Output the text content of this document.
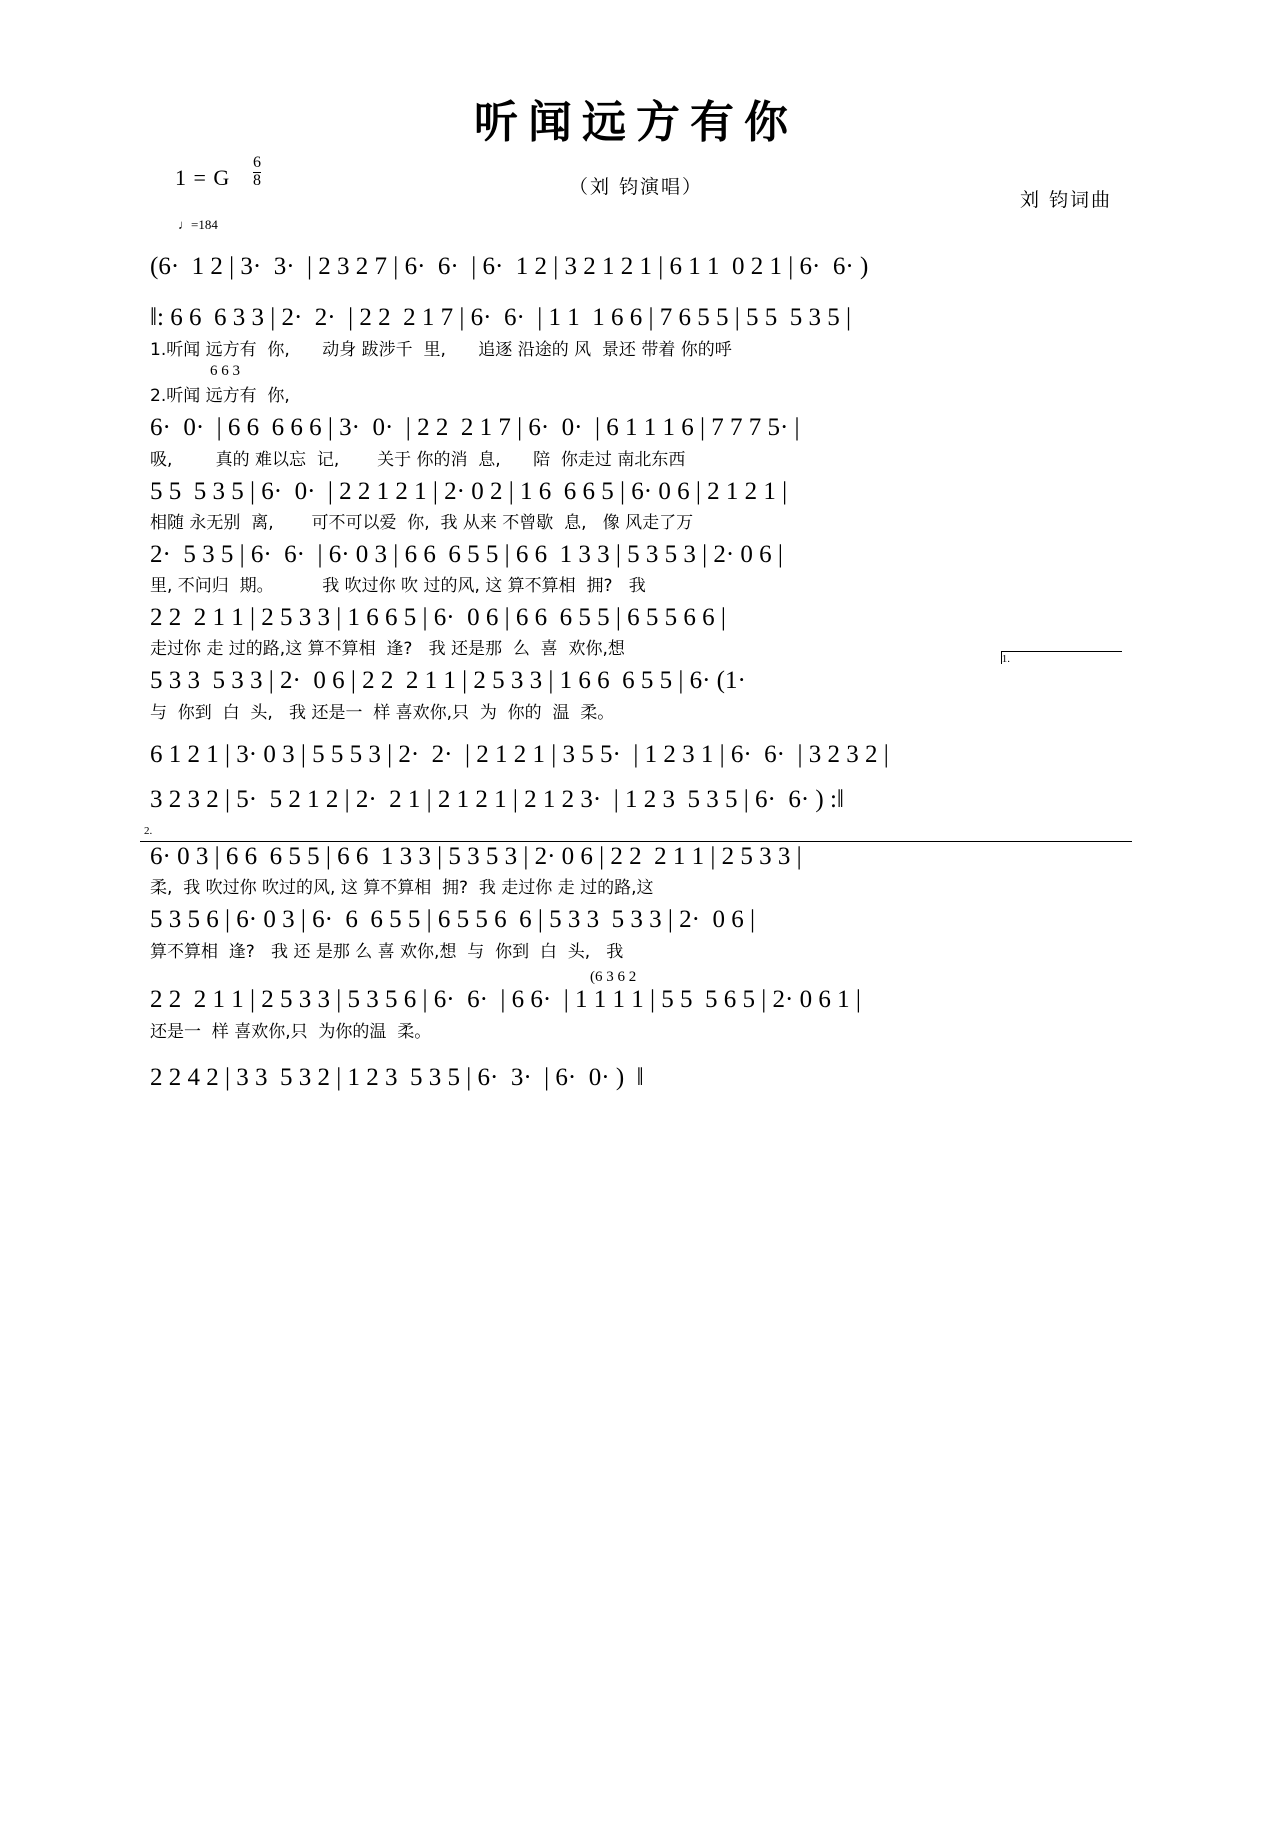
听闻远方有你
（刘 钧演唱）
1 = G $\frac{6}{8}$
刘 钧词曲
♩=184
(6·  1 2 | 3·  3·  | 2 3 2 7 | 6·  6·  | 6·  1 2 | 3 2 1 2 1 | 6 1 1  0 2 1 | 6·  6· )
‖: 6 6  6 3 3 | 2·  2·  | 2 2  2 1 7 | 6·  6·  | 1 1  1 6 6 | 7 6 5 5 | 5 5  5 3 5 |
1.听闻 远方有  你,      动身 跋涉千  里,      追逐 沿途的 风  景还 带着 你的呼
6 6 3
2.听闻 远方有  你,
6·  0·  | 6 6  6 6 6 | 3·  0·  | 2 2  2 1 7 | 6·  0·  | 6 1 1 1 6 | 7 7 7 5· |
吸,        真的 难以忘  记,       关于 你的消  息,      陪  你走过 南北东西
5 5  5 3 5 | 6·  0·  | 2 2 1 2 1 | 2· 0 2 | 1 6  6 6 5 | 6· 0 6 | 2 1 2 1 |
相随 永无别  离,       可不可以爱  你,  我 从来 不曾歇  息,   像 风走了万
2·  5 3 5 | 6·  6·  | 6· 0 3 | 6 6  6 5 5 | 6 6  1 3 3 | 5 3 5 3 | 2· 0 6 |
里, 不问归  期。         我 吹过你 吹 过的风, 这 算不算相  拥?   我
2 2  2 1 1 | 2 5 3 3 | 1 6 6 5 | 6·  0 6 | 6 6  6 5 5 | 6 5 5 6 6 |
走过你 走 过的路,这 算不算相  逢?   我 还是那  么  喜  欢你,想	1.
5 3 3  5 3 3 | 2·  0 6 | 2 2  2 1 1 | 2 5 3 3 | 1 6 6  6 5 5 | 6· (1·
与  你到  白  头,   我 还是一  样 喜欢你,只  为  你的  温  柔。
6 1 2 1 | 3· 0 3 | 5 5 5 3 | 2·  2·  | 2 1 2 1 | 3 5 5·  | 1 2 3 1 | 6·  6·  | 3 2 3 2 |
3 2 3 2 | 5·  5 2 1 2 | 2·  2 1 | 2 1 2 1 | 2 1 2 3·  | 1 2 3  5 3 5 | 6·  6· ) :‖
2.
6· 0 3 | 6 6  6 5 5 | 6 6  1 3 3 | 5 3 5 3 | 2· 0 6 | 2 2  2 1 1 | 2 5 3 3 |
柔,  我 吹过你 吹过的风, 这 算不算相  拥?  我 走过你 走 过的路,这
5 3 5 6 | 6· 0 3 | 6·  6  6 5 5 | 6 5 5 6  6 | 5 3 3  5 3 3 | 2·  0 6 |
算不算相  逢?   我 还 是那 么 喜 欢你,想  与  你到  白  头,   我
(6 3 6 2
2 2  2 1 1 | 2 5 3 3 | 5 3 5 6 | 6·  6·  | 6 6·  | 1 1 1 1 | 5 5  5 6 5 | 2· 0 6 1 |
还是一  样 喜欢你,只  为你的温  柔。
2 2 4 2 | 3 3  5 3 2 | 1 2 3  5 3 5 | 6·  3·  | 6·  0· )  ‖
